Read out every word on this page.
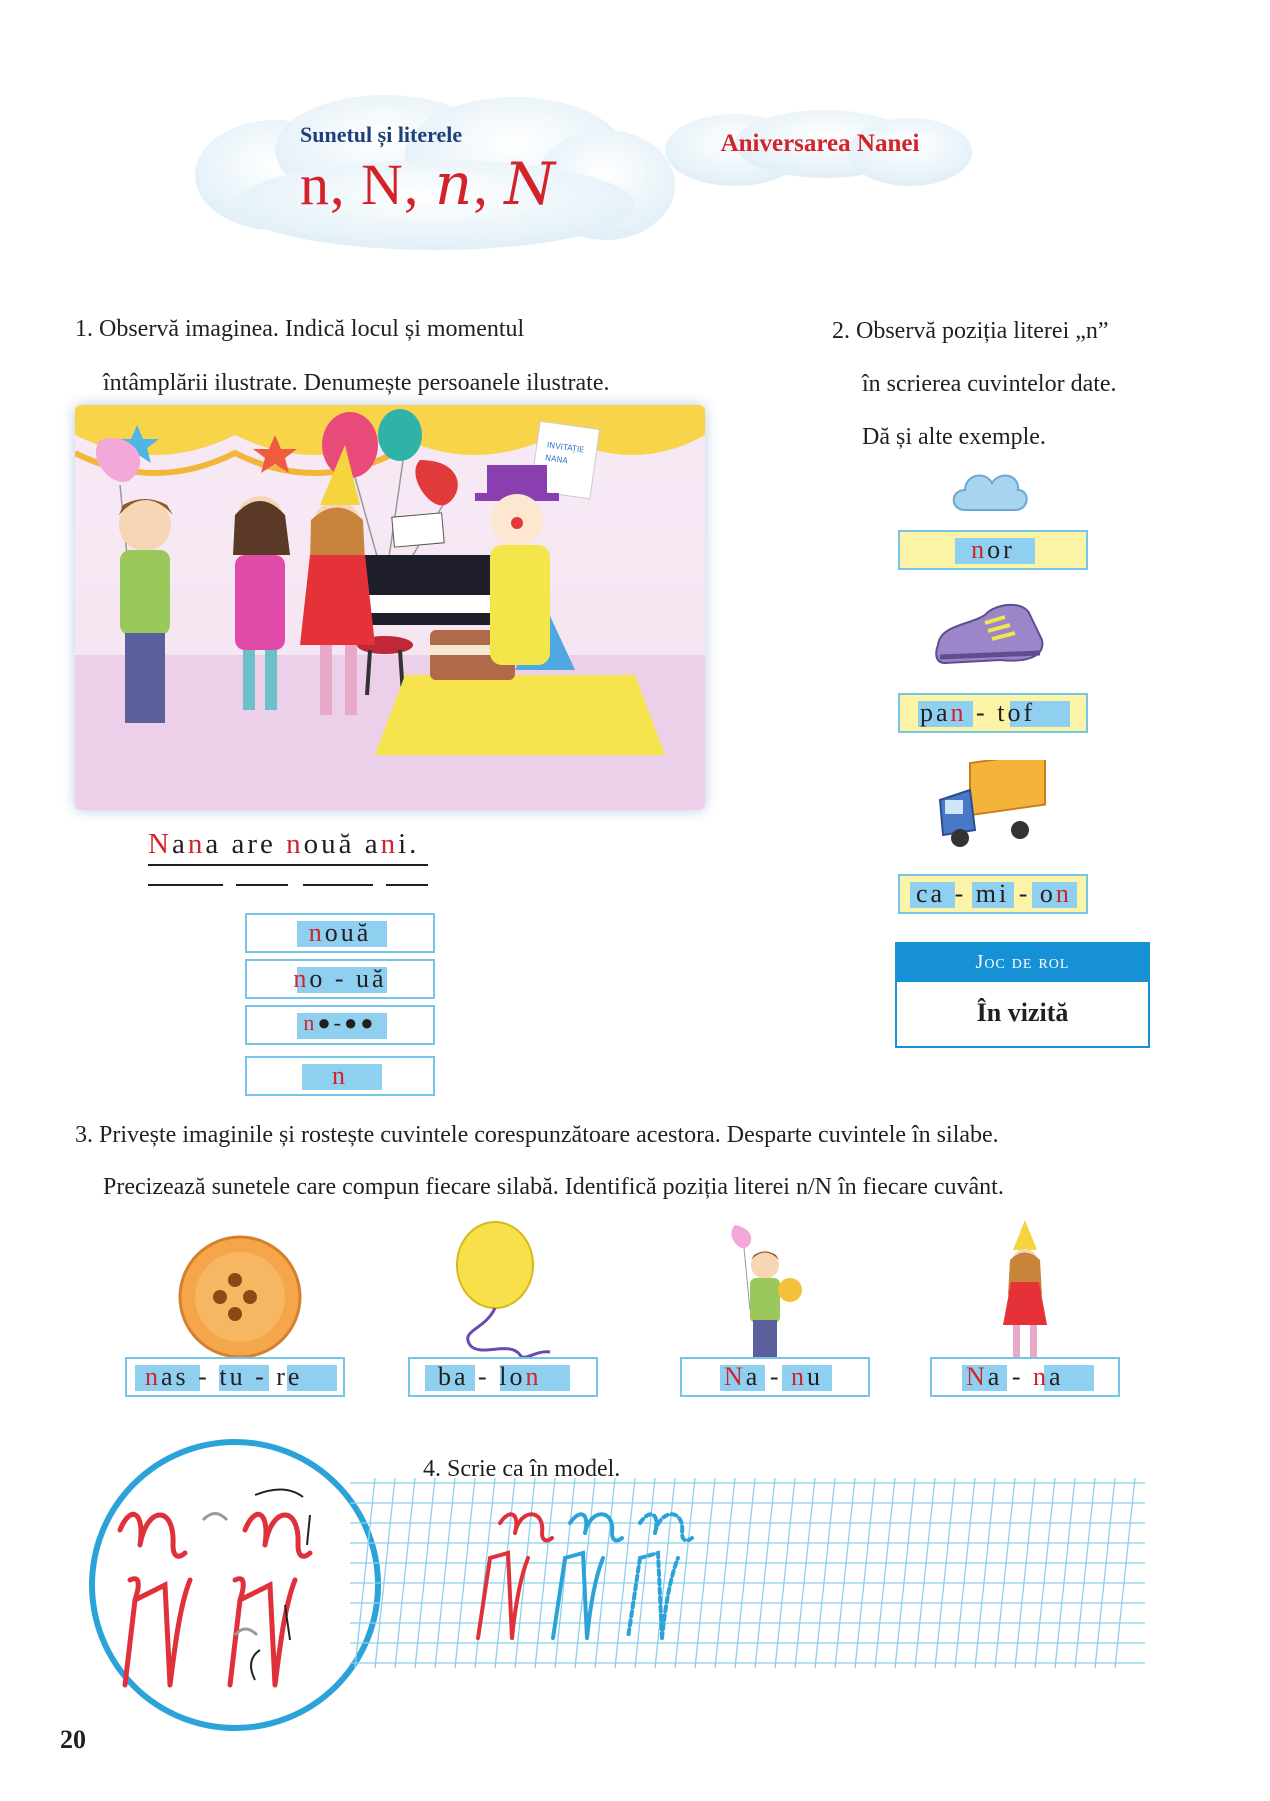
Sunetul și literele
n, N, n, N
Aniversarea Nanei
1. Observă imaginea. Indică locul și momentul
întâmplării ilustrate. Denumește persoanele ilustrate.
INVITAȚIE
NANA
Nana are nouă ani.
nouă
no - uă
n●-●●
n
2. Observă poziția literei „n”
în scrierea cuvintelor date.
Dă și alte exemple.
nor
pan - tof
ca - mi - on
Joc de rol
În vizită
3. Privește imaginile și rostește cuvintele corespunzătoare acestora. Desparte cuvintele în silabe.
Precizează sunetele care compun fiecare silabă. Identifică poziția literei n/N în fiecare cuvânt.
nas - tu - re	ba - lon	Na - nu	Na - na
4. Scrie ca în model.
20
